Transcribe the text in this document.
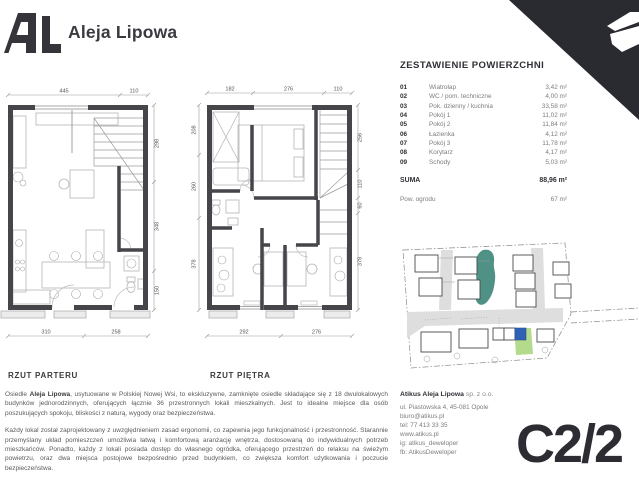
Aleja Lipowa
445	110
310	258
298
348
150
182	276	110
292	276
208
260
378
256
110
60
378
RZUT PARTERU	RZUT PIĘTRA
ZESTAWIENIE POWIERZCHNI
01	Wiatrołap	3,42 m²
02	WC / pom. techniczne	4,00 m²
03	Pok. dzienny / kuchnia	33,58 m²
04	Pokój 1	11,02 m²
05	Pokój 2	11,84 m²
06	Łazienka	4,12 m²
07	Pokój 3	11,78 m²
08	Korytarz	4,17 m²
09	Schody	5,03 m²
SUMA	88,96 m²
Pow. ogrodu	67 m²

Osiedle Aleja Lipowa, usytuowane w Polskiej Nowej Wsi, to ekskluzywne, zamknięte osiedle składające się z 18 dwulokalowych budynków jednorodzinnych, oferujących łącznie 36 przestronnych lokali mieszkalnych. Jest to idealne miejsce dla osób poszukujących spokoju, bliskości z naturą, wygody oraz bezpieczeństwa.

Każdy lokal został zaprojektowany z uwzględnieniem zasad ergonomii, co zapewnia jego funkcjonalność i przestronność. Starannie przemyślany układ pomieszczeń umożliwia łatwą i komfortową aranżację wnętrza, dostosowaną do indywidualnych potrzeb mieszkańców. Ponadto, każdy z lokali posiada dostęp do własnego ogródka, oferującego przestrzeń do relaksu na świeżym powietrzu, oraz dwa miejsca postojowe bezpośrednio przed budynkiem, co zwiększa komfort użytkowania i poczucie bezpieczeństwa.

Atikus Aleja Lipowa sp. z o.o.
ul. Piastowska 4, 45-081 Opole
biuro@atikus.pl
tel: 77 413 33 35
www.atikus.pl
ig: atikus_deweloper
fb: AtikusDeweloper	C2/2
